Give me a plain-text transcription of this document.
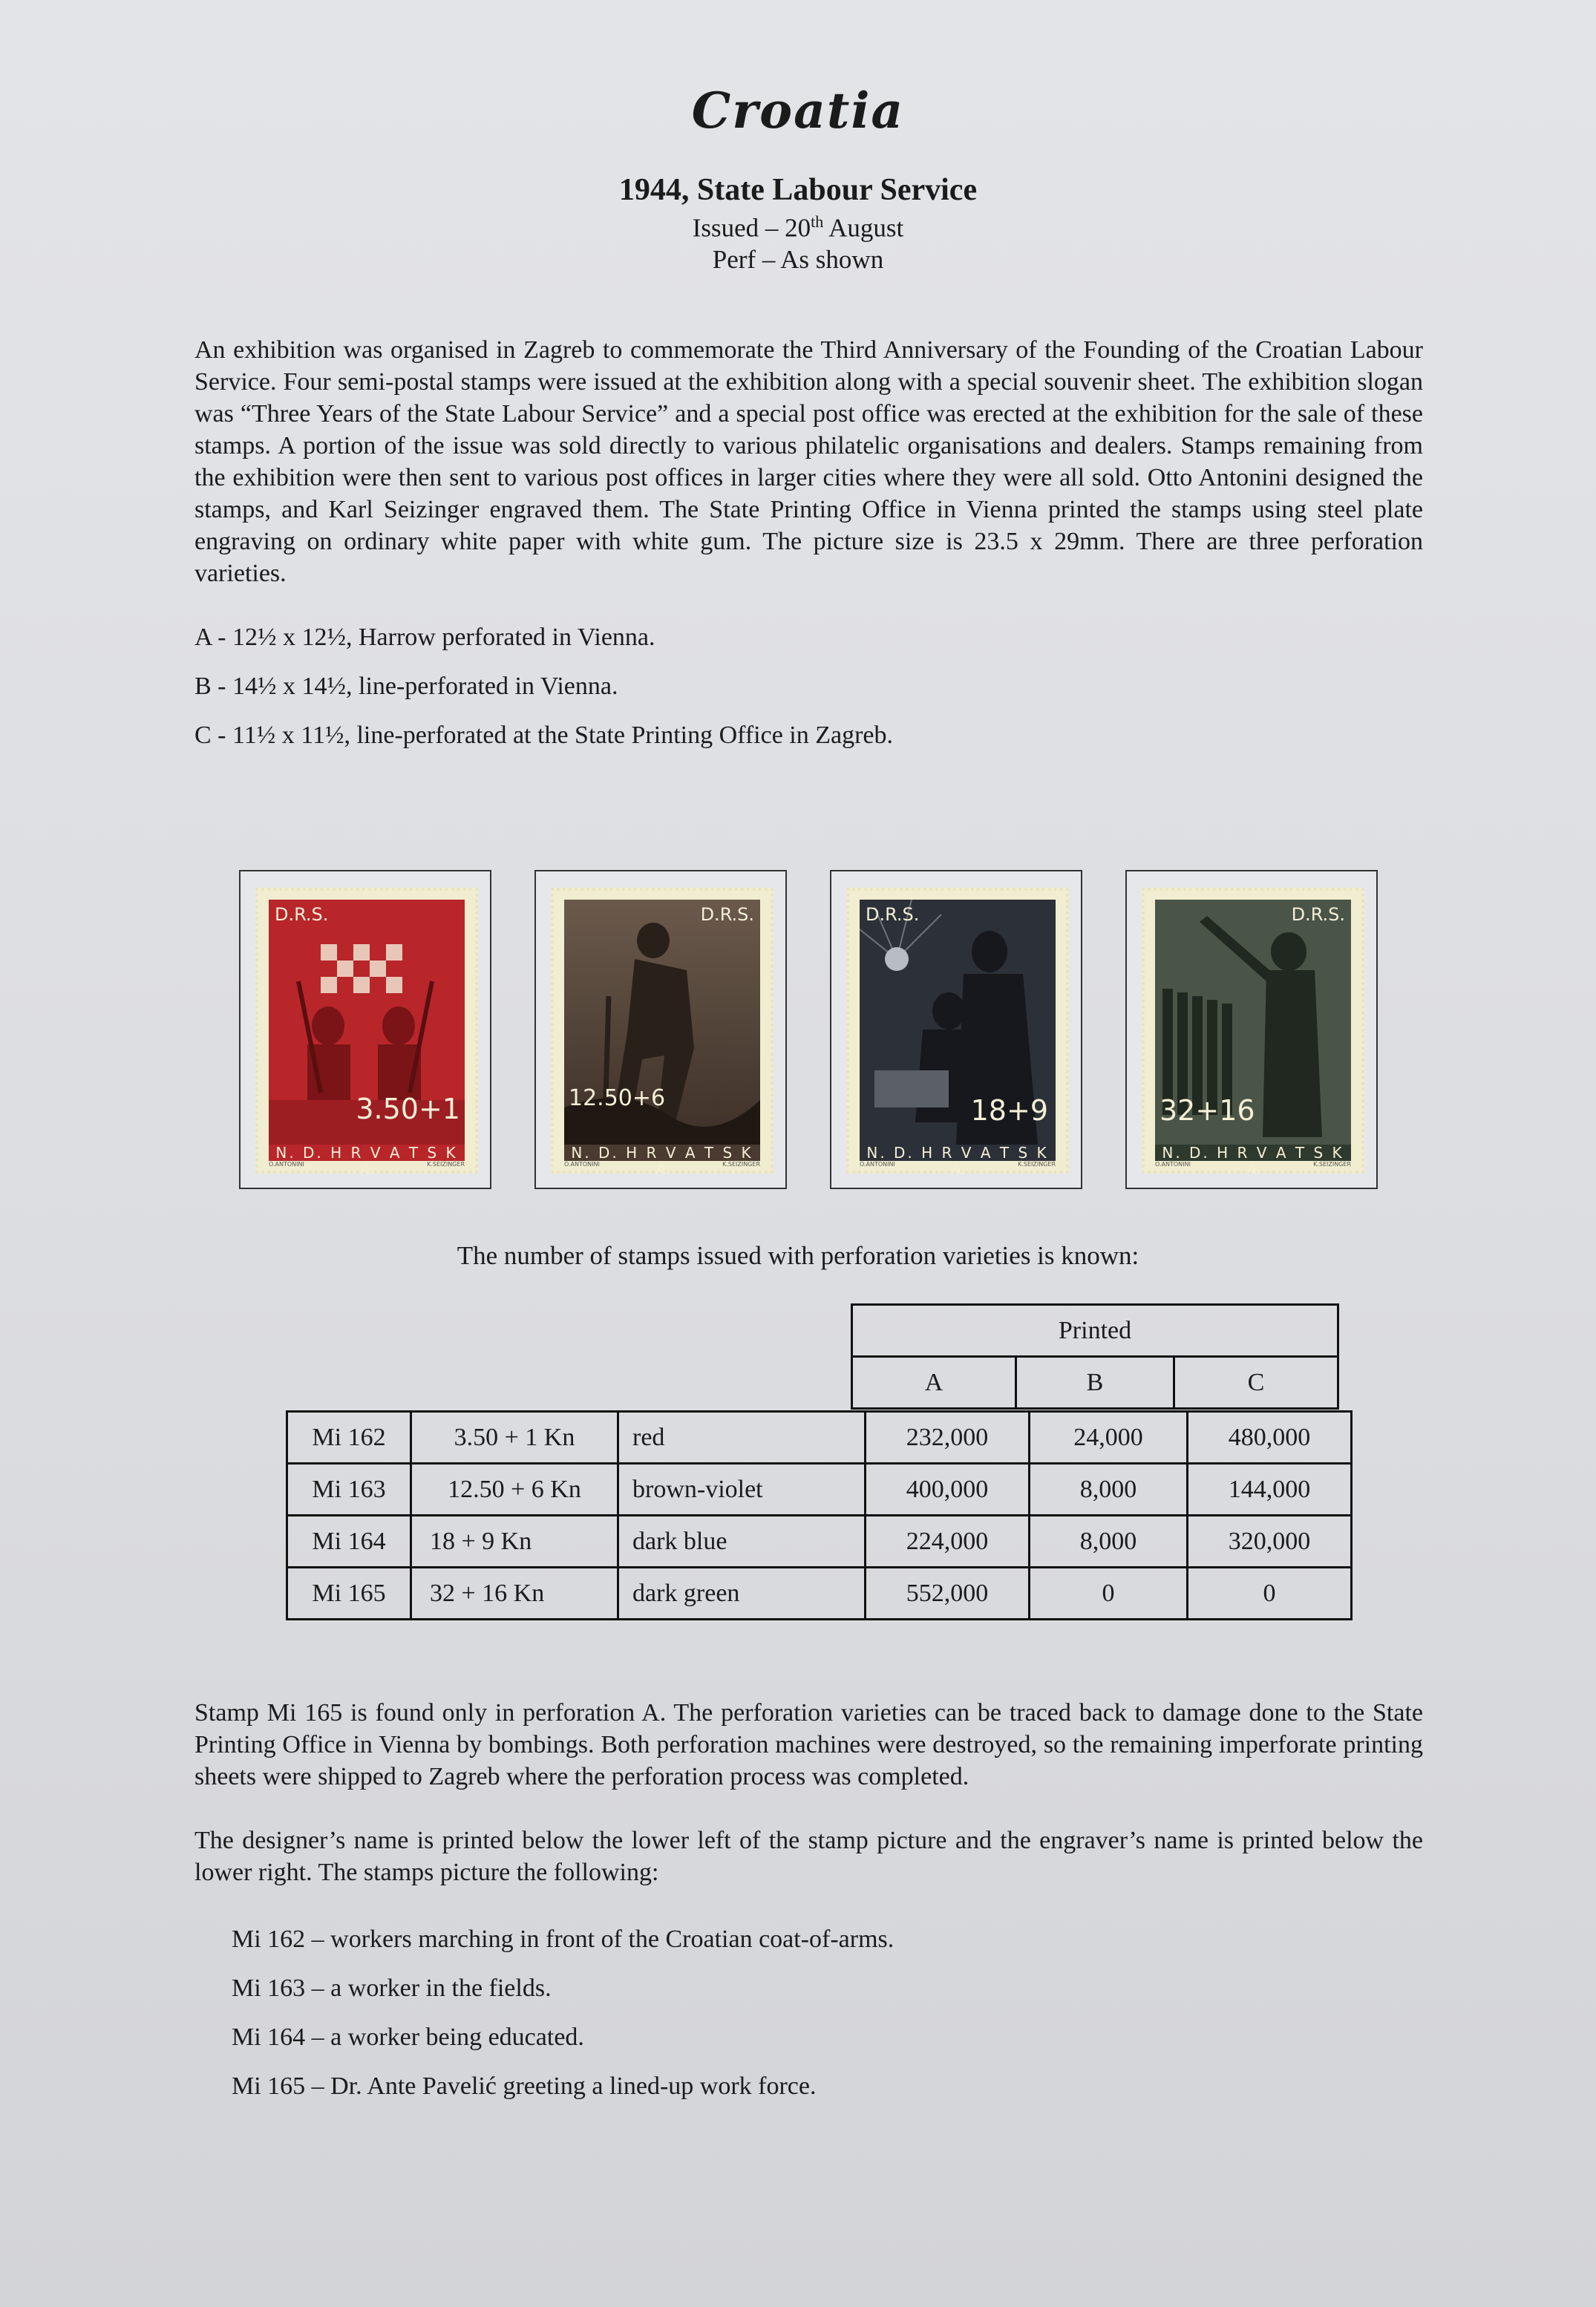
Croatia
1944, State Labour Service
Issued – 20th August
Perf – As shown
An exhibition was organised in Zagreb to commemorate the Third Anniversary of the Founding of the Croatian Labour Service. Four semi-postal stamps were issued at the exhibition along with a special souvenir sheet. The exhibition slogan was “Three Years of the State Labour Service” and a special post office was erected at the exhibition for the sale of these stamps. A portion of the issue was sold directly to various philatelic organisations and dealers. Stamps remaining from the exhibition were then sent to various post offices in larger cities where they were all sold. Otto Antonini designed the stamps, and Karl Seizinger engraved them. The State Printing Office in Vienna printed the stamps using steel plate engraving on ordinary white paper with white gum. The picture size is 23.5 x 29mm. There are three perforation varieties.
A - 12½ x 12½, Harrow perforated in Vienna.
B - 14½ x 14½, line-perforated in Vienna.
C - 11½ x 11½, line-perforated at the State Printing Office in Zagreb.
D.R.S.
3.50+1
N. D. H R V A T S K A
O.ANTONINI	K.SEIZINGER
D.R.S.
12.50+6
N. D. H R V A T S K A
O.ANTONINI	K.SEIZINGER
D.R.S.
18+9
N. D. H R V A T S K A
O.ANTONINI	K.SEIZINGER
D.R.S.
32+16
N. D. H R V A T S K A
O.ANTONINI	K.SEIZINGER
The number of stamps issued with perforation varieties is known:
Printed
A	B	C
Mi 162	3.50 + 1 Kn	red	232,000	24,000	480,000
Mi 163	12.50 + 6 Kn	brown-violet	400,000	8,000	144,000
Mi 164	18 + 9 Kn	dark blue	224,000	8,000	320,000
Mi 165	32 + 16 Kn	dark green	552,000	0	0
Stamp Mi 165 is found only in perforation A. The perforation varieties can be traced back to damage done to the State Printing Office in Vienna by bombings. Both perforation machines were destroyed, so the remaining imperforate printing sheets were shipped to Zagreb where the perforation process was completed.
The designer’s name is printed below the lower left of the stamp picture and the engraver’s name is printed below the lower right. The stamps picture the following:
Mi 162 – workers marching in front of the Croatian coat-of-arms.
Mi 163 – a worker in the fields.
Mi 164 – a worker being educated.
Mi 165 – Dr. Ante Pavelić greeting a lined-up work force.
